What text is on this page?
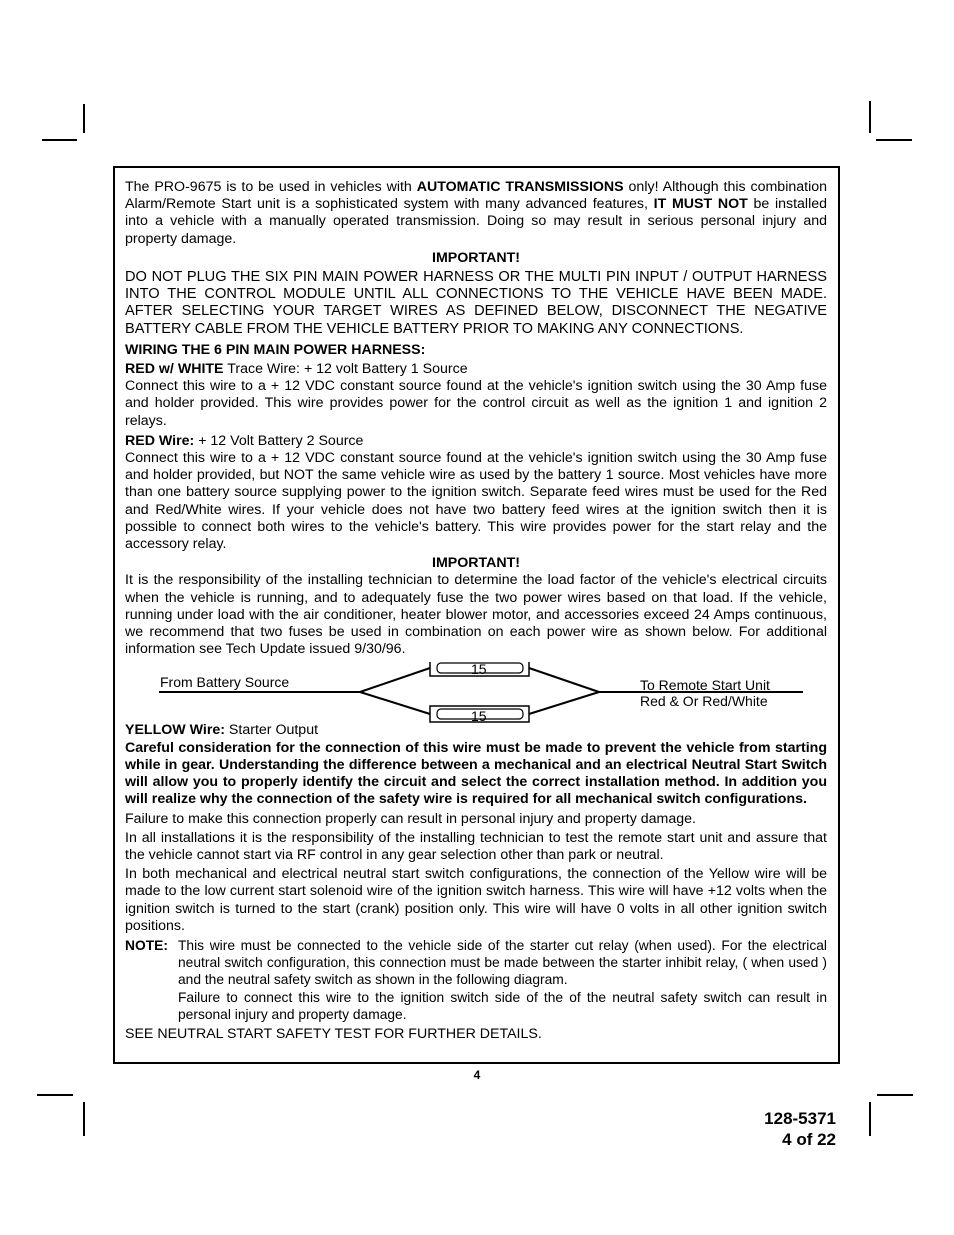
The PRO-9675 is to be used in vehicles with AUTOMATIC TRANSMISSIONS only! Although this combination Alarm/Remote Start unit is a sophisticated system with many advanced features, IT MUST NOT be installed into a vehicle with a manually operated transmission. Doing so may result in serious personal injury and property damage.

IMPORTANT!

DO NOT PLUG THE SIX PIN MAIN POWER HARNESS OR THE MULTI PIN INPUT / OUTPUT HARNESS INTO THE CONTROL MODULE UNTIL ALL CONNECTIONS TO THE VEHICLE HAVE BEEN MADE. AFTER SELECTING YOUR TARGET WIRES AS DEFINED BELOW, DISCONNECT THE NEGATIVE BATTERY CABLE FROM THE VEHICLE BATTERY PRIOR TO MAKING ANY CONNECTIONS.

WIRING THE 6 PIN MAIN POWER HARNESS:

RED w/ WHITE Trace Wire: + 12 volt Battery 1 Source

Connect this wire to a + 12 VDC constant source found at the vehicle's ignition switch using the 30 Amp fuse and holder provided. This wire provides power for the control circuit as well as the ignition 1 and ignition 2 relays.

RED Wire: + 12 Volt Battery 2 Source

Connect this wire to a + 12 VDC constant source found at the vehicle's ignition switch using the 30 Amp fuse and holder provided, but NOT the same vehicle wire as used by the battery 1 source. Most vehicles have more than one battery source supplying power to the ignition switch. Separate feed wires must be used for the Red and Red/White wires. If your vehicle does not have two battery feed wires at the ignition switch then it is possible to connect both wires to the vehicle's battery. This wire provides power for the start relay and the accessory relay.

IMPORTANT!

It is the responsibility of the installing technician to determine the load factor of the vehicle's electrical circuits when the vehicle is running, and to adequately fuse the two power wires based on that load. If the vehicle, running under load with the air conditioner, heater blower motor, and accessories exceed 24 Amps continuous, we recommend that two fuses be used in combination on each power wire as shown below. For additional information see Tech Update issued 9/30/96.

From Battery Source
15
15
To Remote Start Unit
Red & Or Red/White

YELLOW Wire: Starter Output

Careful consideration for the connection of this wire must be made to prevent the vehicle from starting while in gear. Understanding the difference between a mechanical and an electrical Neutral Start Switch will allow you to properly identify the circuit and select the correct installation method. In addition you will realize why the connection of the safety wire is required for all mechanical switch configurations.

Failure to make this connection properly can result in personal injury and property damage.

In all installations it is the responsibility of the installing technician to test the remote start unit and assure that the vehicle cannot start via RF control in any gear selection other than park or neutral.

In both mechanical and electrical neutral start switch configurations, the connection of the Yellow wire will be made to the low current start solenoid wire of the ignition switch harness. This wire will have +12 volts when the ignition switch is turned to the start (crank) position only. This wire will have 0 volts in all other ignition switch positions.

NOTE: This wire must be connected to the vehicle side of the starter cut relay (when used). For the electrical neutral switch configuration, this connection must be made between the starter inhibit relay, ( when used ) and the neutral safety switch as shown in the following diagram.

Failure to connect this wire to the ignition switch side of the of the neutral safety switch can result in personal injury and property damage.

SEE NEUTRAL START SAFETY TEST FOR FURTHER DETAILS.

4
128-5371
4 of 22
